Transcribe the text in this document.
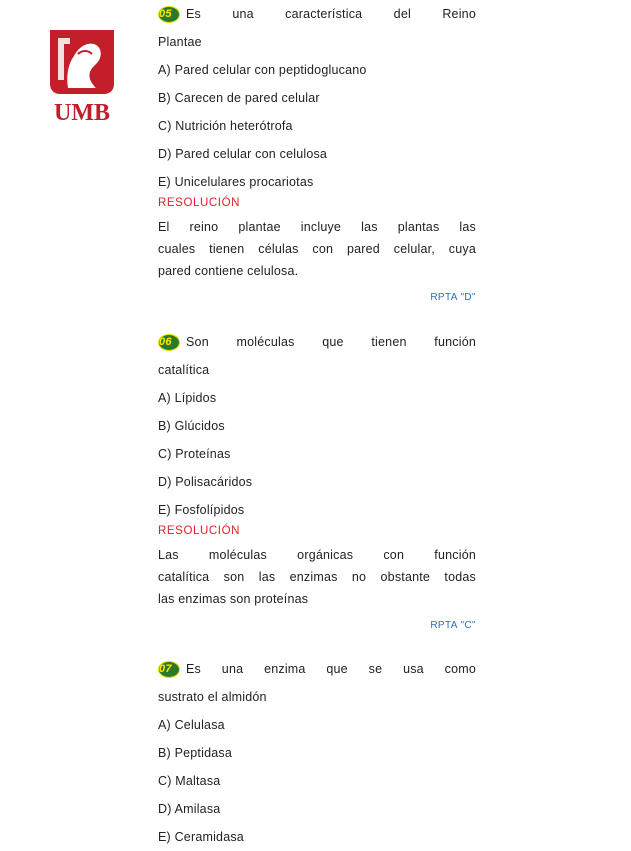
UMB

05 Es una característica del Reino

Plantae

A) Pared celular con peptidoglucano

B) Carecen de pared celular

C) Nutrición heterótrofa

D) Pared celular con celulosa

E) Unicelulares procariotas

RESOLUCIÓN

El reino plantae incluye las plantas las
cuales tienen células con pared celular, cuya
pared contiene celulosa.

RPTA "D"

06 Son moléculas que tienen función

catalítica

A) Lípidos

B) Glúcidos

C) Proteínas

D) Polisacáridos

E) Fosfolípidos

RESOLUCIÓN

Las moléculas orgánicas con función
catalítica son las enzimas no obstante todas
las enzimas son proteínas

RPTA "C"

07 Es una enzima que se usa como

sustrato el almidón

A) Celulasa

B) Peptidasa

C) Maltasa

D) Amilasa

E) Ceramidasa
